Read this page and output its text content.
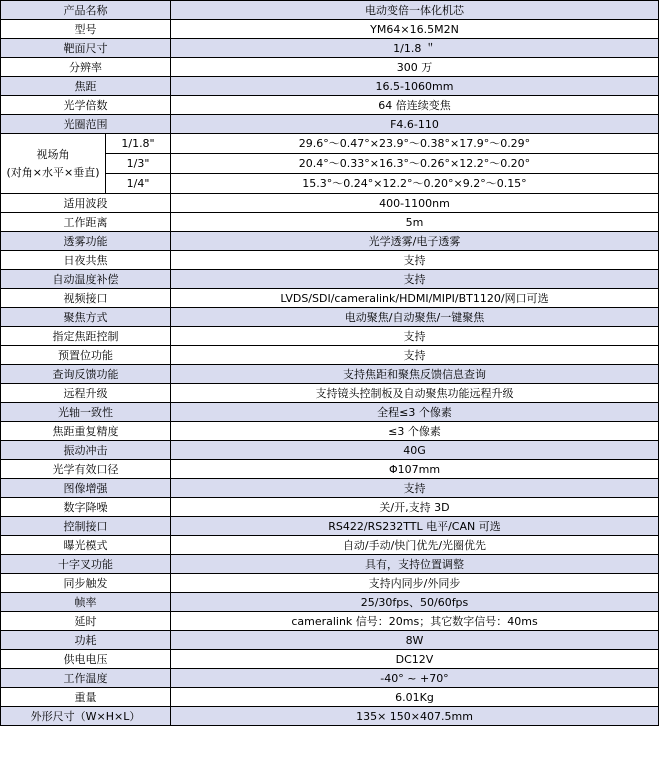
产品名称		电动变倍一体化机芯
型号		YM64×16.5M2N
靶面尺寸		1/1.8 ＂
分辨率		300 万
焦距		16.5-1060mm
光学倍数		64 倍连续变焦
光圈范围		F4.6-110
视场角
(对角×水平×垂直)	1/1.8"	29.6°～0.47°×23.9°～0.38°×17.9°～0.29°
	1/3"	20.4°～0.33°×16.3°～0.26°×12.2°～0.20°
	1/4"	15.3°～0.24°×12.2°～0.20°×9.2°～0.15°
适用波段		400-1100nm
工作距离		5m
透雾功能		光学透雾/电子透雾
日夜共焦		支持
自动温度补偿		支持
视频接口		LVDS/SDI/cameralink/HDMI/MIPI/BT1120/网口可选
聚焦方式		电动聚焦/自动聚焦/一键聚焦
指定焦距控制		支持
预置位功能		支持
查询反馈功能		支持焦距和聚焦反馈信息查询
远程升级		支持镜头控制板及自动聚焦功能远程升级
光轴一致性		全程≤3 个像素
焦距重复精度		≤3 个像素
振动冲击		40G
光学有效口径		Φ107mm
图像增强		支持
数字降噪		关/开,支持 3D
控制接口		RS422/RS232TTL 电平/CAN 可选
曝光模式		自动/手动/快门优先/光圈优先
十字叉功能		具有，支持位置调整
同步触发		支持内同步/外同步
帧率		25/30fps、50/60fps
延时		cameralink 信号：20ms；其它数字信号：40ms
功耗		8W
供电电压		DC12V
工作温度		-40° ~ +70°
重量		6.01Kg
外形尺寸（W×H×L）		135× 150×407.5mm
